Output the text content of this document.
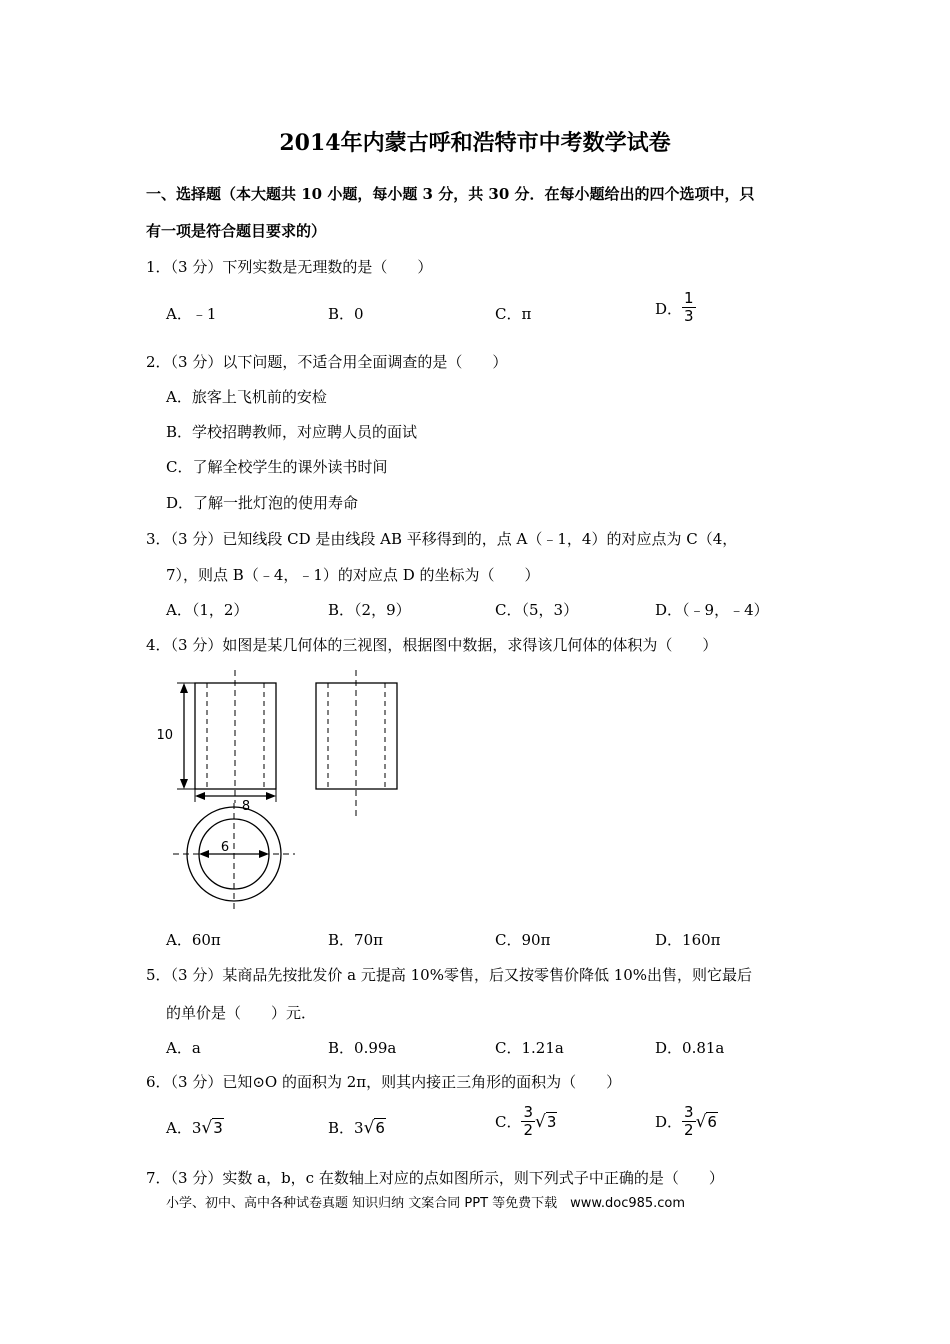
2014年内蒙古呼和浩特市中考数学试卷
一、选择题（本大题共 10 小题，每小题 3 分，共 30 分．在每小题给出的四个选项中，只
有一项是符合题目要求的）
1．（3 分）下列实数是无理数的是（　　）
A．﹣1	B．0	C．π	D． $\frac{1}{3}$
2．（3 分）以下问题，不适合用全面调查的是（　　）
A．旅客上飞机前的安检
B．学校招聘教师，对应聘人员的面试
C．了解全校学生的课外读书时间
D．了解一批灯泡的使用寿命
3．（3 分）已知线段 CD 是由线段 AB 平移得到的，点 A（﹣1，4）的对应点为 C（4，
7），则点 B（﹣4，﹣1）的对应点 D 的坐标为（　　）
A．（1，2）	B．（2，9）	C．（5，3）	D．（﹣9，﹣4）
4．（3 分）如图是某几何体的三视图，根据图中数据，求得该几何体的体积为（　　）
10
8
6
A．60π	B．70π	C．90π	D．160π
5．（3 分）某商品先按批发价 a 元提高 10%零售，后又按零售价降低 10%出售，则它最后
的单价是（　　）元．
A．a	B．0.99a	C．1.21a	D．0.81a
6．（3 分）已知⊙O 的面积为 2π，则其内接正三角形的面积为（　　）
A．3√3	B．3√6	C． $\frac{3}{2} √3$	D． $\frac{3}{2} √6$
7．（3 分）实数 a，b，c 在数轴上对应的点如图所示，则下列式子中正确的是（　　）
小学、初中、高中各种试卷真题 知识归纳 文案合同 PPT 等免费下载　www.doc985.com
